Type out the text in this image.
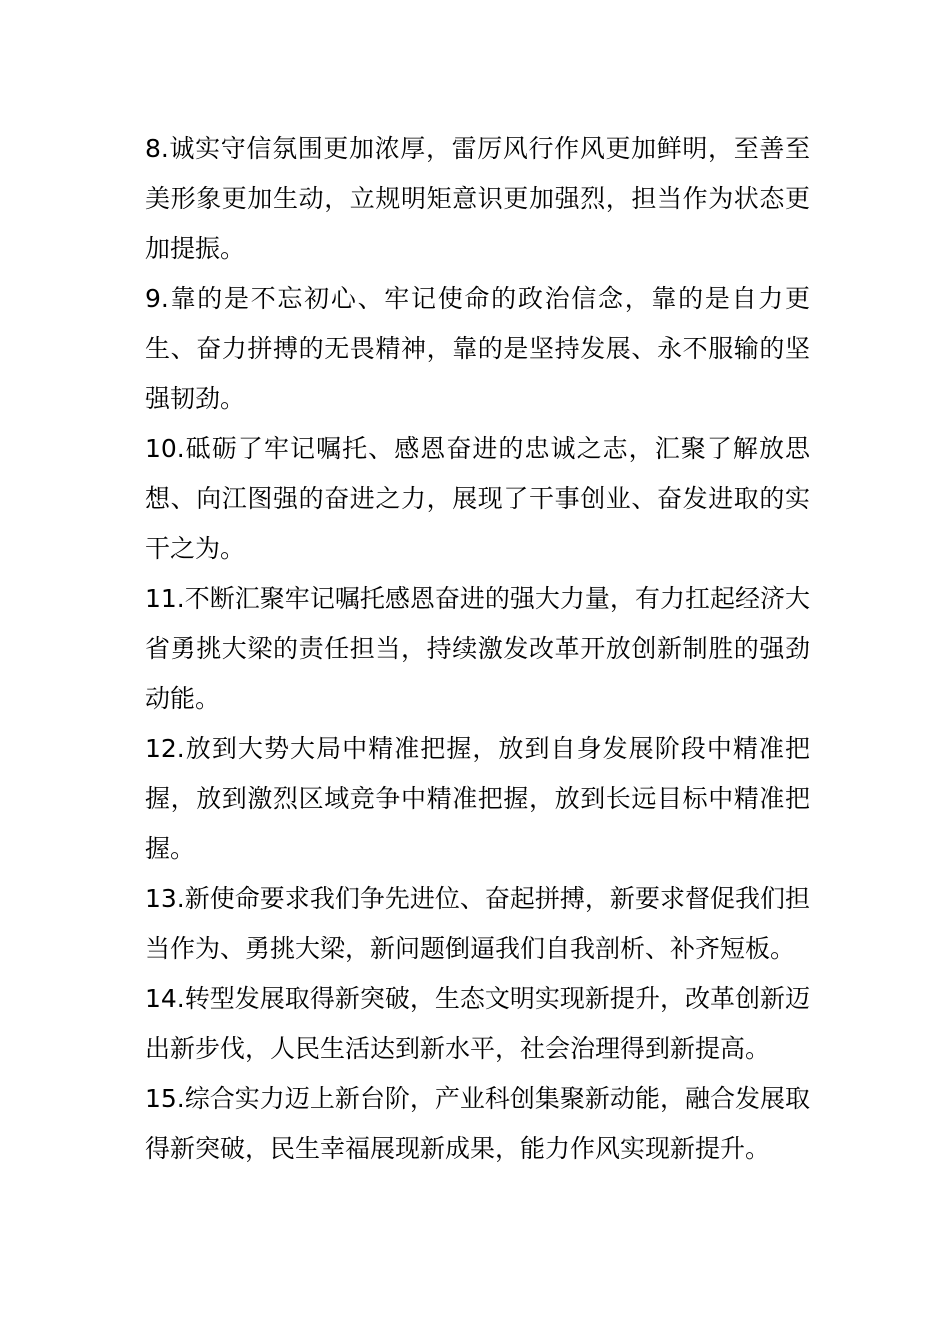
8.诚实守信氛围更加浓厚，雷厉风行作风更加鲜明，至善至美形象更加生动，立规明矩意识更加强烈，担当作为状态更加提振。

9.靠的是不忘初心、牢记使命的政治信念，靠的是自力更生、奋力拼搏的无畏精神，靠的是坚持发展、永不服输的坚强韧劲。

10.砥砺了牢记嘱托、感恩奋进的忠诚之志，汇聚了解放思想、向江图强的奋进之力，展现了干事创业、奋发进取的实干之为。

11.不断汇聚牢记嘱托感恩奋进的强大力量，有力扛起经济大省勇挑大梁的责任担当，持续激发改革开放创新制胜的强劲动能。

12.放到大势大局中精准把握，放到自身发展阶段中精准把握，放到激烈区域竞争中精准把握，放到长远目标中精准把握。

13.新使命要求我们争先进位、奋起拼搏，新要求督促我们担当作为、勇挑大梁，新问题倒逼我们自我剖析、补齐短板。

14.转型发展取得新突破，生态文明实现新提升，改革创新迈出新步伐，人民生活达到新水平，社会治理得到新提高。

15.综合实力迈上新台阶，产业科创集聚新动能，融合发展取得新突破，民生幸福展现新成果，能力作风实现新提升。
